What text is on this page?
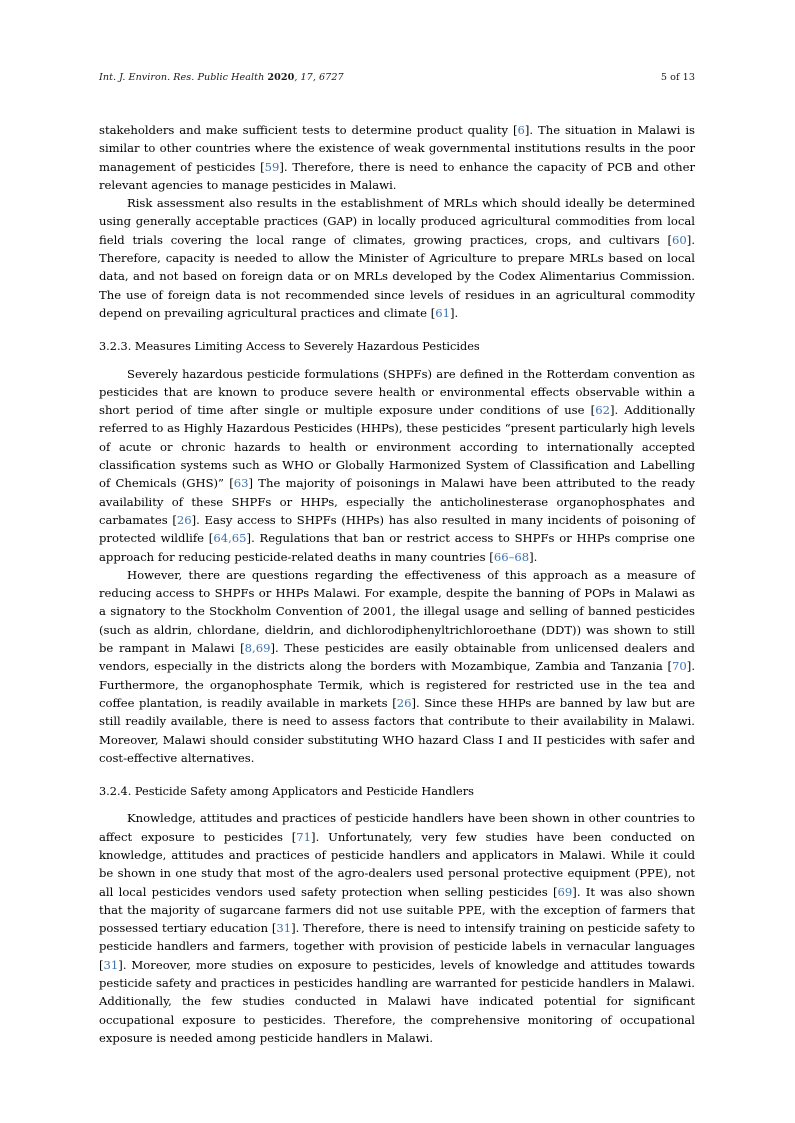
Int. J. Environ. Res. Public Health 2020, 17, 6727	5 of 13

stakeholders and make sufficient tests to determine product quality [6]. The situation in Malawi is similar to other countries where the existence of weak governmental institutions results in the poor management of pesticides [59]. Therefore, there is need to enhance the capacity of PCB and other relevant agencies to manage pesticides in Malawi.

Risk assessment also results in the establishment of MRLs which should ideally be determined using generally acceptable practices (GAP) in locally produced agricultural commodities from local field trials covering the local range of climates, growing practices, crops, and cultivars [60]. Therefore, capacity is needed to allow the Minister of Agriculture to prepare MRLs based on local data, and not based on foreign data or on MRLs developed by the Codex Alimentarius Commission. The use of foreign data is not recommended since levels of residues in an agricultural commodity depend on prevailing agricultural practices and climate [61].

3.2.3. Measures Limiting Access to Severely Hazardous Pesticides

Severely hazardous pesticide formulations (SHPFs) are defined in the Rotterdam convention as pesticides that are known to produce severe health or environmental effects observable within a short period of time after single or multiple exposure under conditions of use [62]. Additionally referred to as Highly Hazardous Pesticides (HHPs), these pesticides “present particularly high levels of acute or chronic hazards to health or environment according to internationally accepted classification systems such as WHO or Globally Harmonized System of Classification and Labelling of Chemicals (GHS)” [63] The majority of poisonings in Malawi have been attributed to the ready availability of these SHPFs or HHPs, especially the anticholinesterase organophosphates and carbamates [26]. Easy access to SHPFs (HHPs) has also resulted in many incidents of poisoning of protected wildlife [64,65]. Regulations that ban or restrict access to SHPFs or HHPs comprise one approach for reducing pesticide-related deaths in many countries [66–68].

However, there are questions regarding the effectiveness of this approach as a measure of reducing access to SHPFs or HHPs Malawi. For example, despite the banning of POPs in Malawi as a signatory to the Stockholm Convention of 2001, the illegal usage and selling of banned pesticides (such as aldrin, chlordane, dieldrin, and dichlorodiphenyltrichloroethane (DDT)) was shown to still be rampant in Malawi [8,69]. These pesticides are easily obtainable from unlicensed dealers and vendors, especially in the districts along the borders with Mozambique, Zambia and Tanzania [70]. Furthermore, the organophosphate Termik, which is registered for restricted use in the tea and coffee plantation, is readily available in markets [26]. Since these HHPs are banned by law but are still readily available, there is need to assess factors that contribute to their availability in Malawi. Moreover, Malawi should consider substituting WHO hazard Class I and II pesticides with safer and cost-effective alternatives.

3.2.4. Pesticide Safety among Applicators and Pesticide Handlers

Knowledge, attitudes and practices of pesticide handlers have been shown in other countries to affect exposure to pesticides [71]. Unfortunately, very few studies have been conducted on knowledge, attitudes and practices of pesticide handlers and applicators in Malawi. While it could be shown in one study that most of the agro-dealers used personal protective equipment (PPE), not all local pesticides vendors used safety protection when selling pesticides [69]. It was also shown that the majority of sugarcane farmers did not use suitable PPE, with the exception of farmers that possessed tertiary education [31]. Therefore, there is need to intensify training on pesticide safety to pesticide handlers and farmers, together with provision of pesticide labels in vernacular languages [31]. Moreover, more studies on exposure to pesticides, levels of knowledge and attitudes towards pesticide safety and practices in pesticides handling are warranted for pesticide handlers in Malawi. Additionally, the few studies conducted in Malawi have indicated potential for significant occupational exposure to pesticides. Therefore, the comprehensive monitoring of occupational exposure is needed among pesticide handlers in Malawi.
